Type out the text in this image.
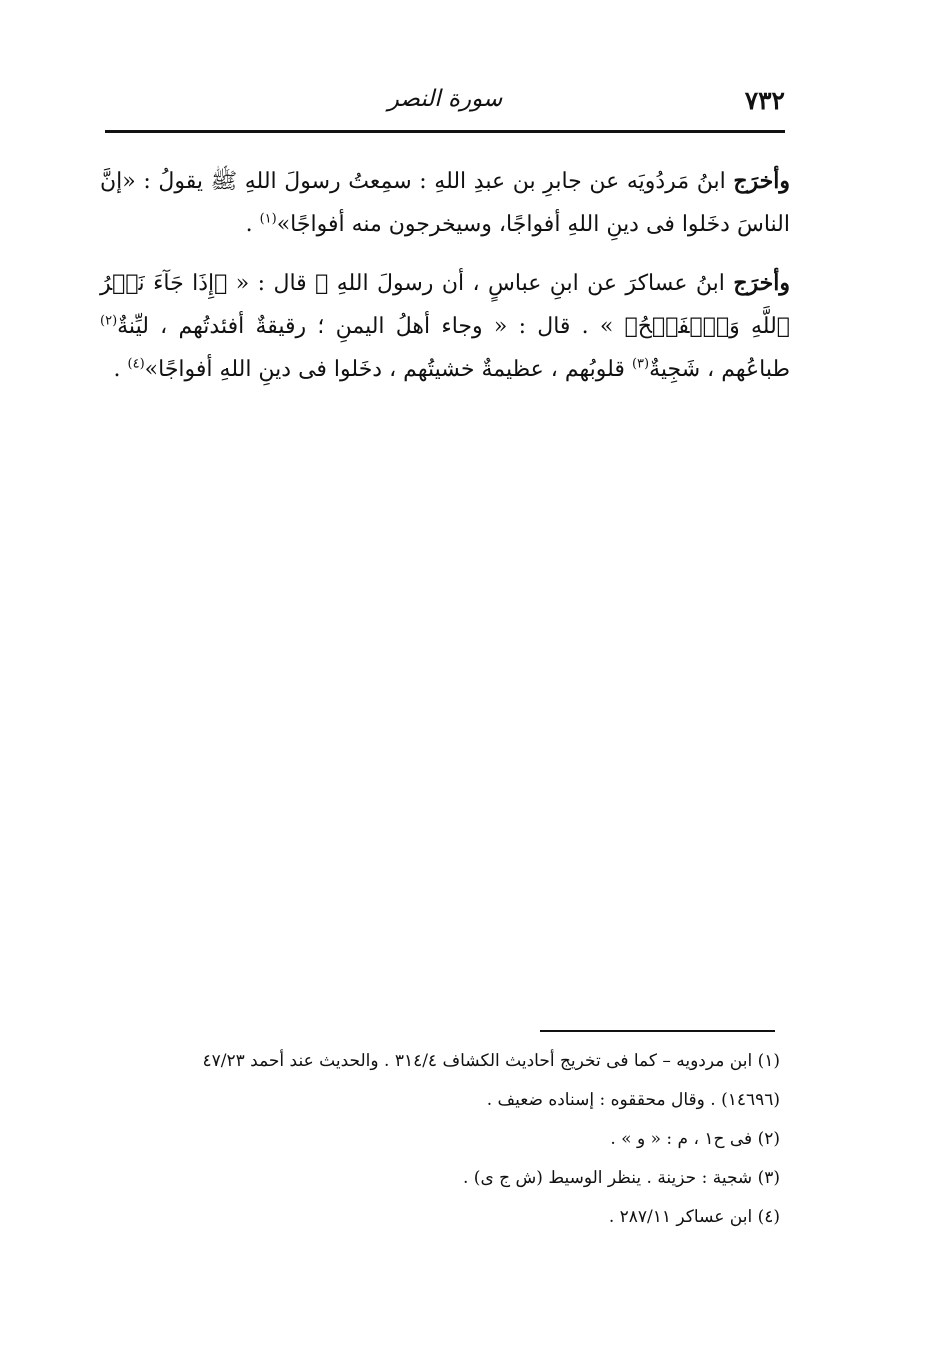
٧٣٢
سورة النصر

وأخرَج ابنُ مَردُويَه عن جابرِ بن عبدِ اللهِ : سمِعتُ رسولَ اللهِ ﷺ يقولُ : «إنَّ الناسَ دخَلوا فى دينِ اللهِ أفواجًا، وسيخرجون منه أفواجًا»$^{(١)}$ .

وأخرَج ابنُ عساكرَ عن ابنِ عباسٍ ، أن رسولَ اللهِ ﷺ قال : « ﴿إِذَا جَآءَ نَصۡرُ ٱللَّهِ وَٱلۡفَتۡحُ﴾ » . قال : « وجاء أهلُ اليمنِ ؛ رقيقةٌ أفئدتُهم ، ليِّنةٌ$^{(٢)}$ طباعُهم ، شَجِيةٌ$^{(٣)}$ قلوبُهم ، عظيمةٌ خشيتُهم ، دخَلوا فى دينِ اللهِ أفواجًا»$^{(٤)}$ .

(١) ابن مردويه – كما فى تخريج أحاديث الكشاف ٣١٤/٤ . والحديث عند أحمد ٤٧/٢٣
(١٤٦٩٦) . وقال محققوه : إسناده ضعيف .
(٢) فى ح١ ، م : « و » .
(٣) شجية : حزينة . ينظر الوسيط (ش ج ى) .
(٤) ابن عساكر ٢٨٧/١١ .
